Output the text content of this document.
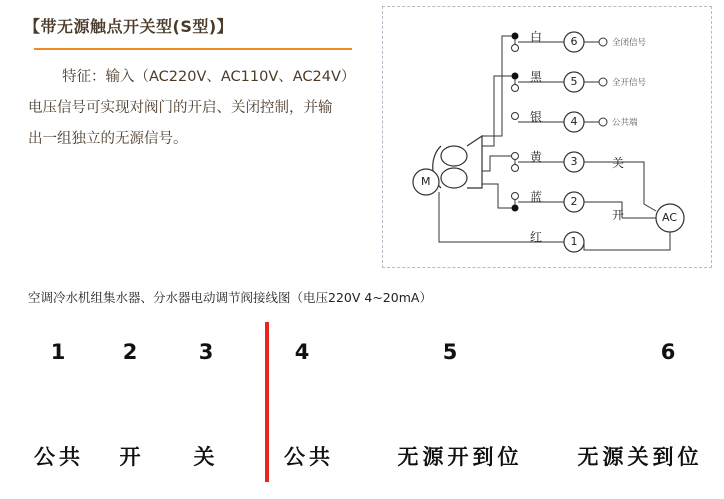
【带无源触点开关型(S型)】
特征：输入（AC220V、AC110V、AC24V）
电压信号可实现对阀门的开启、关闭控制，并输
出一组独立的无源信号。
M
AC
6
5
4
3
2
1
白
黑
银
黄
蓝
红
全闭信号
全开信号
公共端
关
开
空调冷水机组集水器、分水器电动调节阀接线图（电压220V 4~20mA）
1	2	3	4	5	6
公共 开 关	公共	无源开到位	无源关到位
